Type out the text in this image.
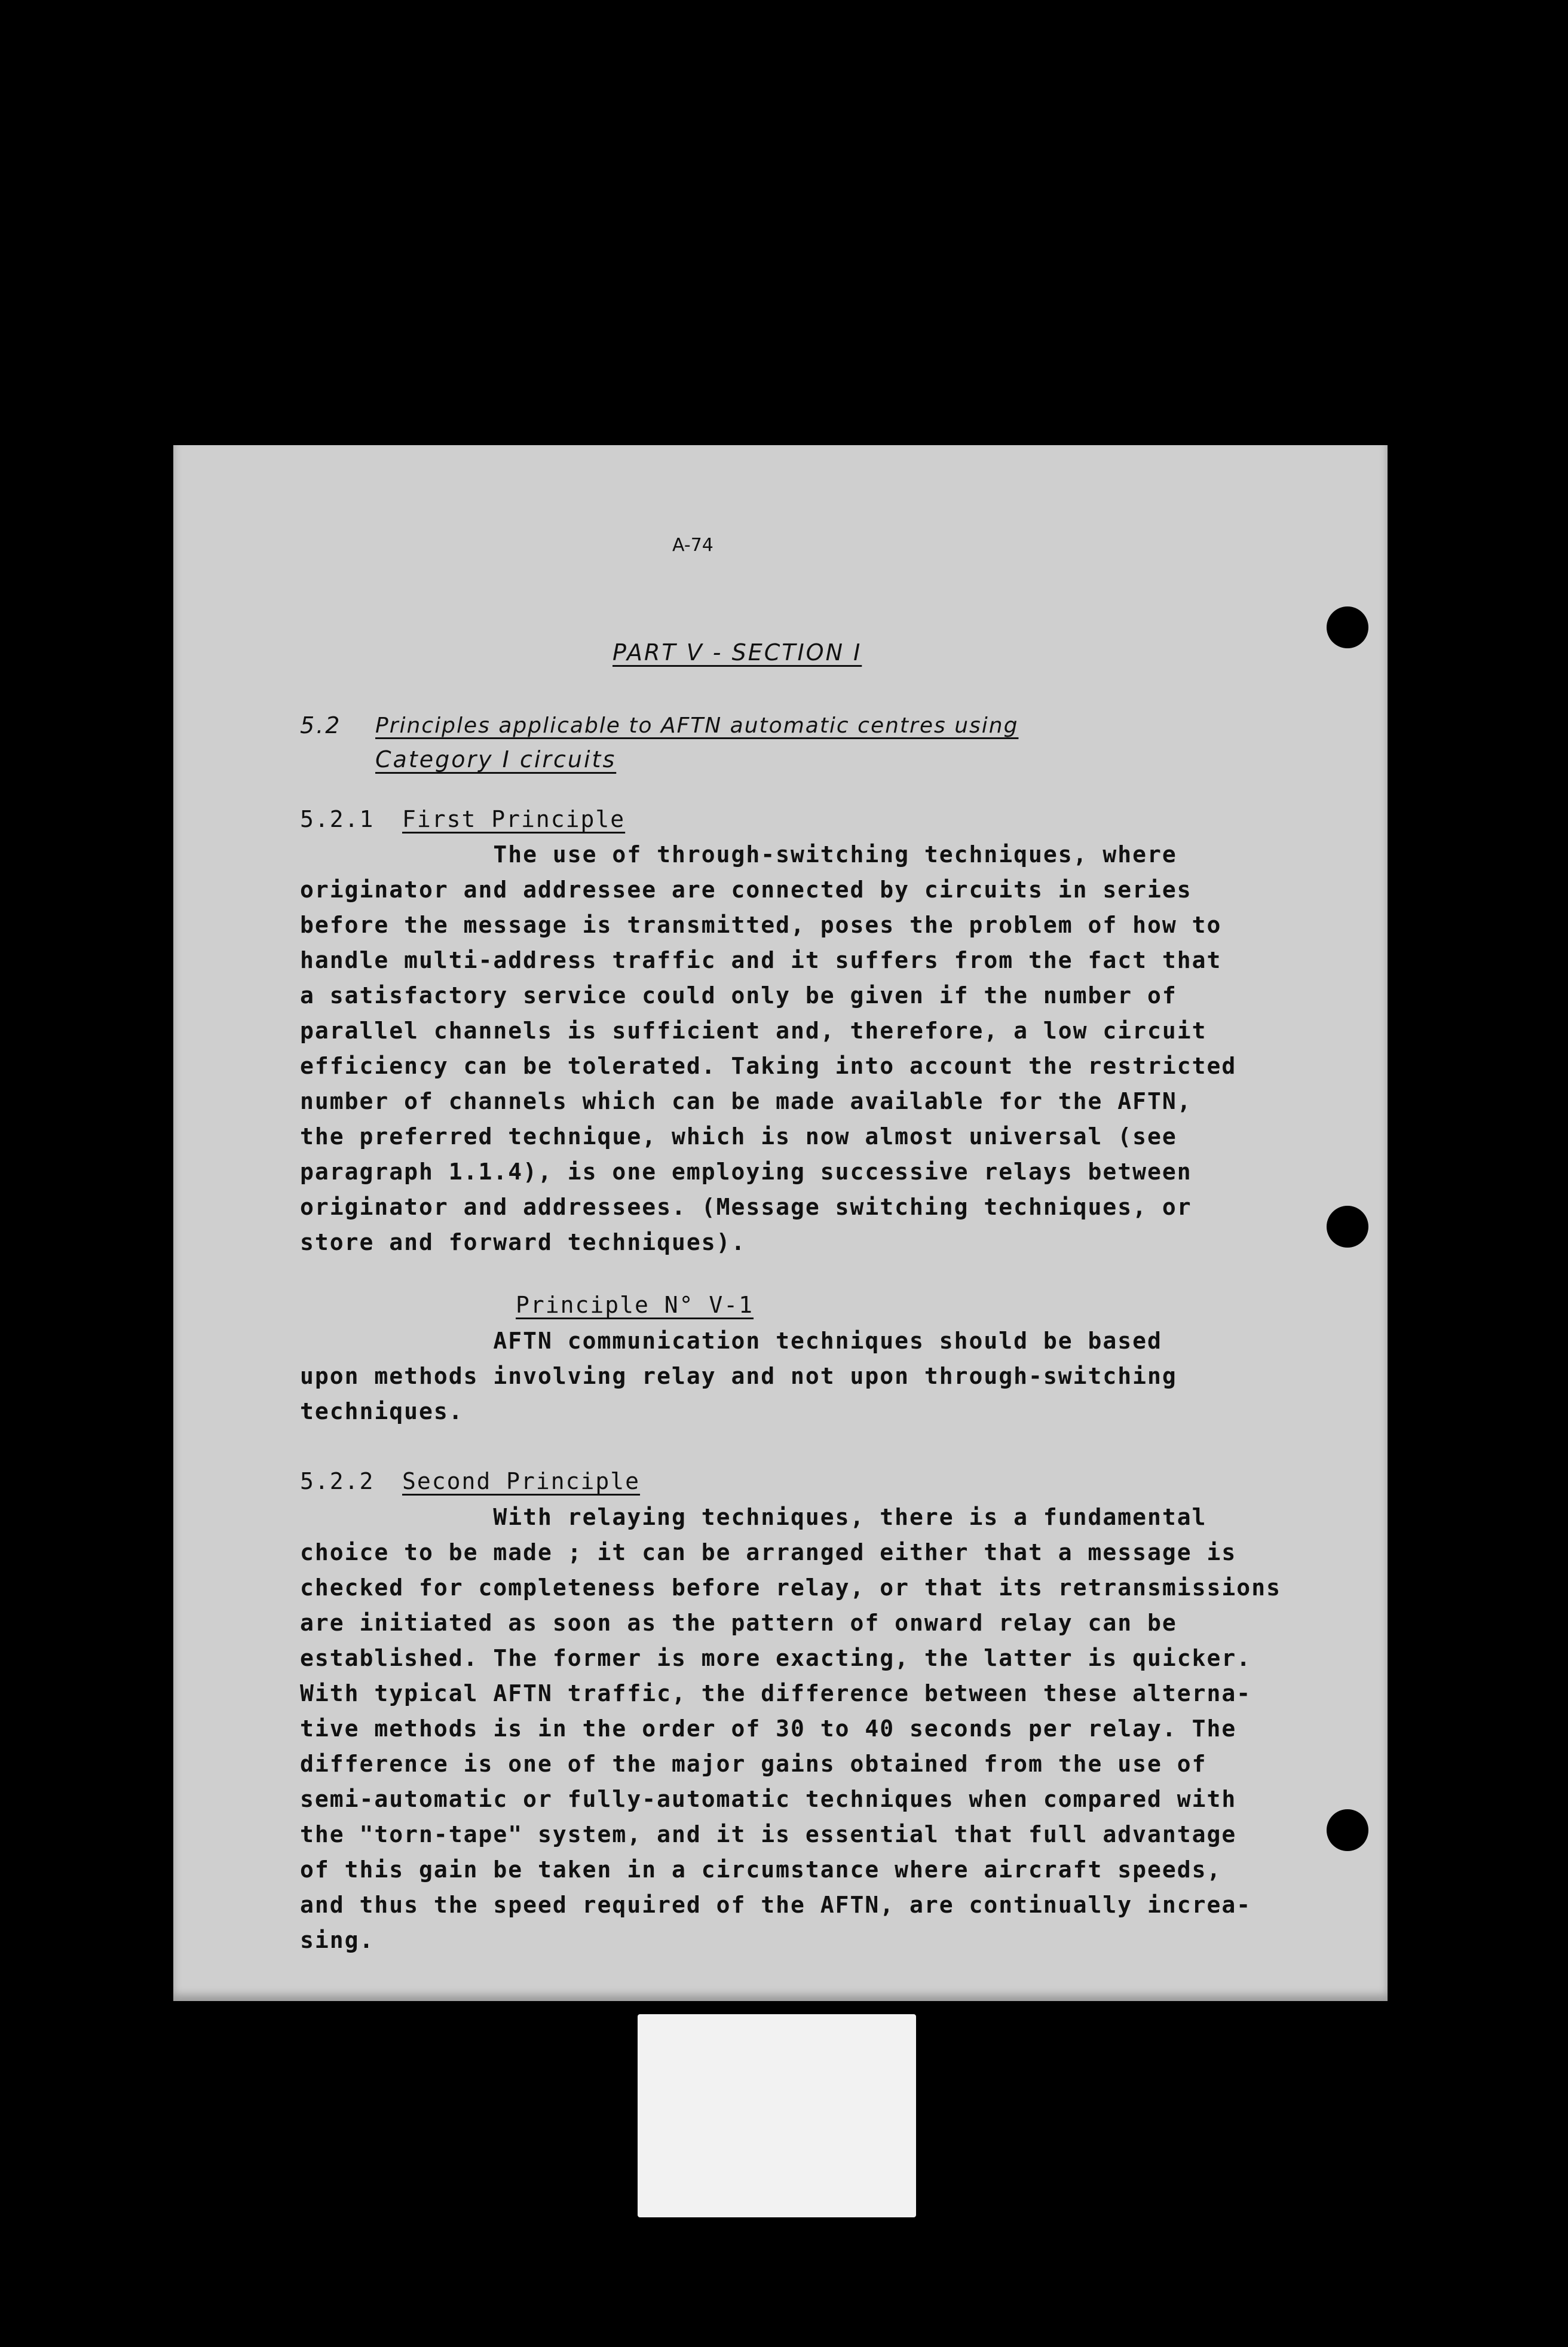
A-74
PART V - SECTION I
5.2 Principles applicable to AFTN automatic centres using
Category I circuits
5.2.1 First Principle
The use of through-switching techniques, where
originator and addressee are connected by circuits in series
before the message is transmitted, poses the problem of how to
handle multi-address traffic and it suffers from the fact that
a satisfactory service could only be given if the number of
parallel channels is sufficient and, therefore, a low circuit
efficiency can be tolerated. Taking into account the restricted
number of channels which can be made available for the AFTN,
the preferred technique, which is now almost universal (see
paragraph 1.1.4), is one employing successive relays between
originator and addressees. (Message switching techniques, or
store and forward techniques).
Principle N° V-1
AFTN communication techniques should be based
upon methods involving relay and not upon through-switching
techniques.
5.2.2 Second Principle
With relaying techniques, there is a fundamental
choice to be made ; it can be arranged either that a message is
checked for completeness before relay, or that its retransmissions
are initiated as soon as the pattern of onward relay can be
established. The former is more exacting, the latter is quicker.
With typical AFTN traffic, the difference between these alterna-
tive methods is in the order of 30 to 40 seconds per relay. The
difference is one of the major gains obtained from the use of
semi-automatic or fully-automatic techniques when compared with
the "torn-tape" system, and it is essential that full advantage
of this gain be taken in a circumstance where aircraft speeds,
and thus the speed required of the AFTN, are continually increa-
sing.
